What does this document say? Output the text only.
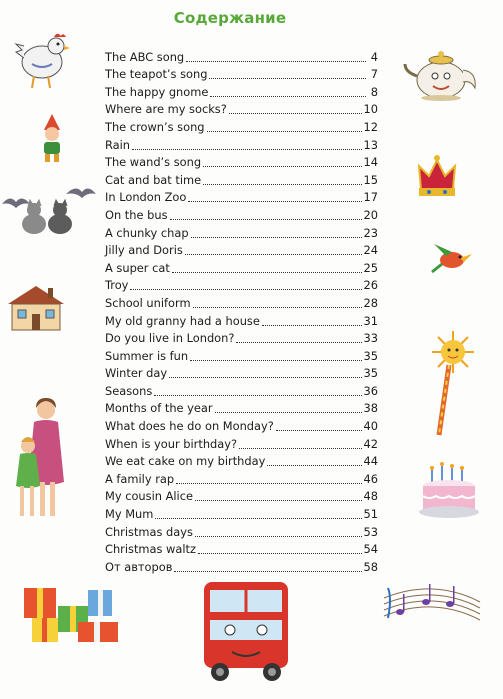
Содержание
The ABC song	4
The teapot’s song	7
The happy gnome	8
Where are my socks?	10
The crown’s song	12
Rain	13
The wand’s song	14
Cat and bat time	15
In London Zoo	17
On the bus	20
A chunky chap	23
Jilly and Doris	24
A super cat	25
Troy	26
School uniform	28
My old granny had a house	31
Do you live in London?	33
Summer is fun	35
Winter day	35
Seasons	36
Months of the year	38
What does he do on Monday?	40
When is your birthday?	42
We eat cake on my birthday	44
A family rap	46
My cousin Alice	48
My Mum	51
Christmas days	53
Christmas waltz	54
От авторов	58
